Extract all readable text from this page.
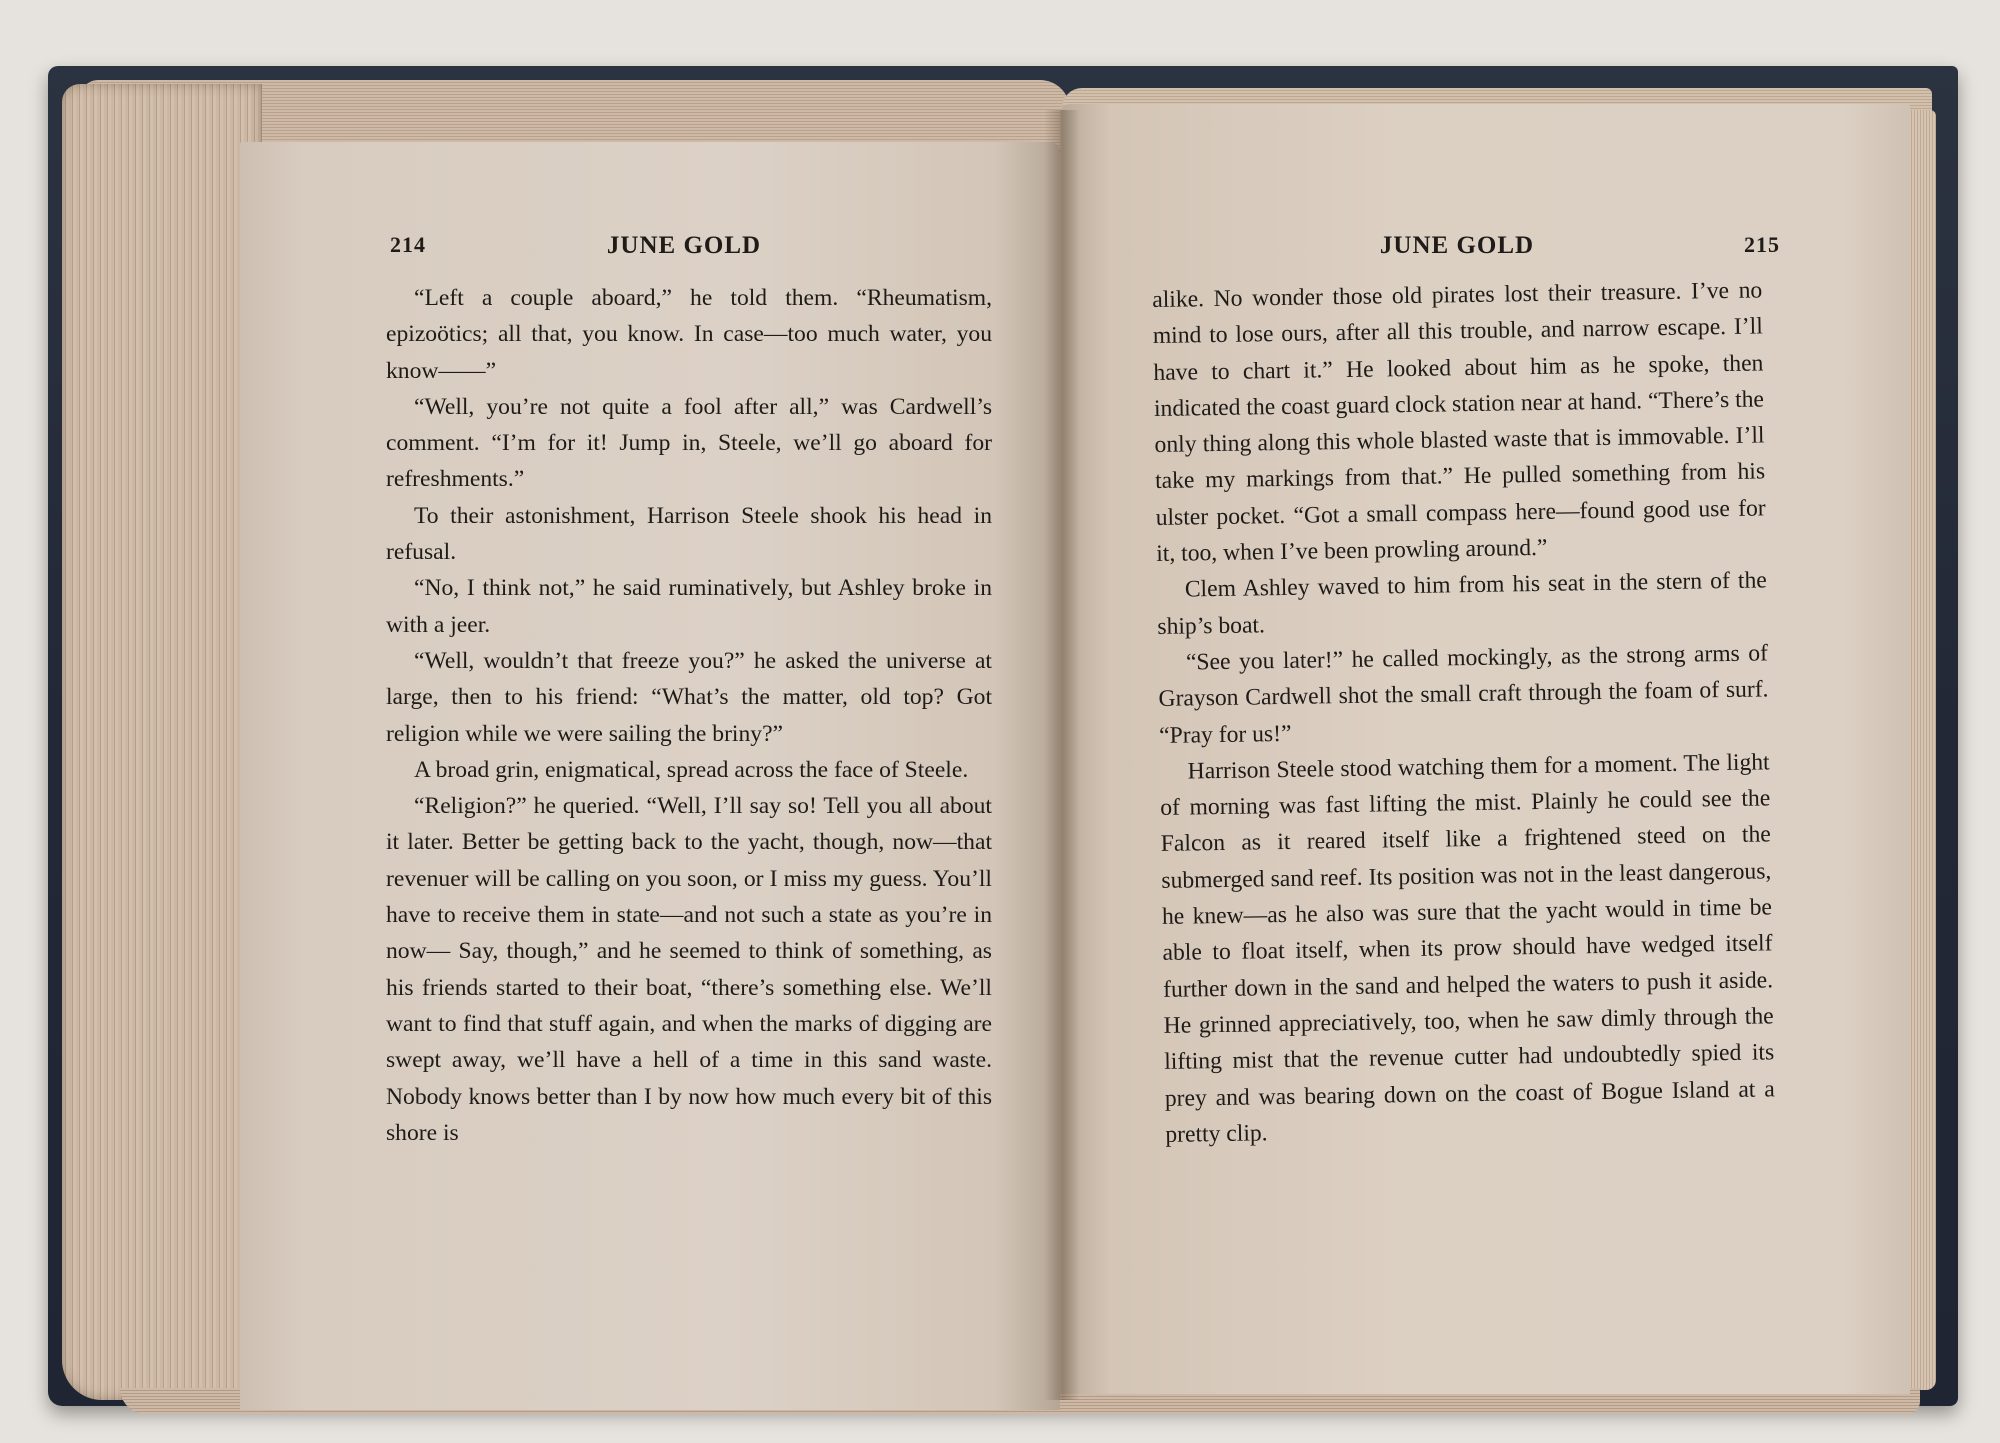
214	JUNE GOLD

“Left a couple aboard,” he told them. “Rheumatism, epizoötics; all that, you know. In case—too much water, you know——”

“Well, you’re not quite a fool after all,” was Cardwell’s comment. “I’m for it! Jump in, Steele, we’ll go aboard for refreshments.”

To their astonishment, Harrison Steele shook his head in refusal.

“No, I think not,” he said ruminatively, but Ashley broke in with a jeer.

“Well, wouldn’t that freeze you?” he asked the universe at large, then to his friend: “What’s the matter, old top? Got religion while we were sailing the briny?”

A broad grin, enigmatical, spread across the face of Steele.

“Religion?” he queried. “Well, I’ll say so! Tell you all about it later. Better be getting back to the yacht, though, now—that revenuer will be calling on you soon, or I miss my guess. You’ll have to receive them in state—and not such a state as you’re in now— Say, though,” and he seemed to think of something, as his friends started to their boat, “there’s something else. We’ll want to find that stuff again, and when the marks of digging are swept away, we’ll have a hell of a time in this sand waste. Nobody knows better than I by now how much every bit of this shore is

JUNE GOLD	215

alike. No wonder those old pirates lost their treasure. I’ve no mind to lose ours, after all this trouble, and narrow escape. I’ll have to chart it.” He looked about him as he spoke, then indicated the coast guard clock station near at hand. “There’s the only thing along this whole blasted waste that is immovable. I’ll take my markings from that.” He pulled something from his ulster pocket. “Got a small compass here—found good use for it, too, when I’ve been prowling around.”

Clem Ashley waved to him from his seat in the stern of the ship’s boat.

“See you later!” he called mockingly, as the strong arms of Grayson Cardwell shot the small craft through the foam of surf. “Pray for us!”

Harrison Steele stood watching them for a moment. The light of morning was fast lifting the mist. Plainly he could see the Falcon as it reared itself like a frightened steed on the submerged sand reef. Its position was not in the least dangerous, he knew—as he also was sure that the yacht would in time be able to float itself, when its prow should have wedged itself further down in the sand and helped the waters to push it aside. He grinned appreciatively, too, when he saw dimly through the lifting mist that the revenue cutter had undoubtedly spied its prey and was bearing down on the coast of Bogue Island at a pretty clip.
